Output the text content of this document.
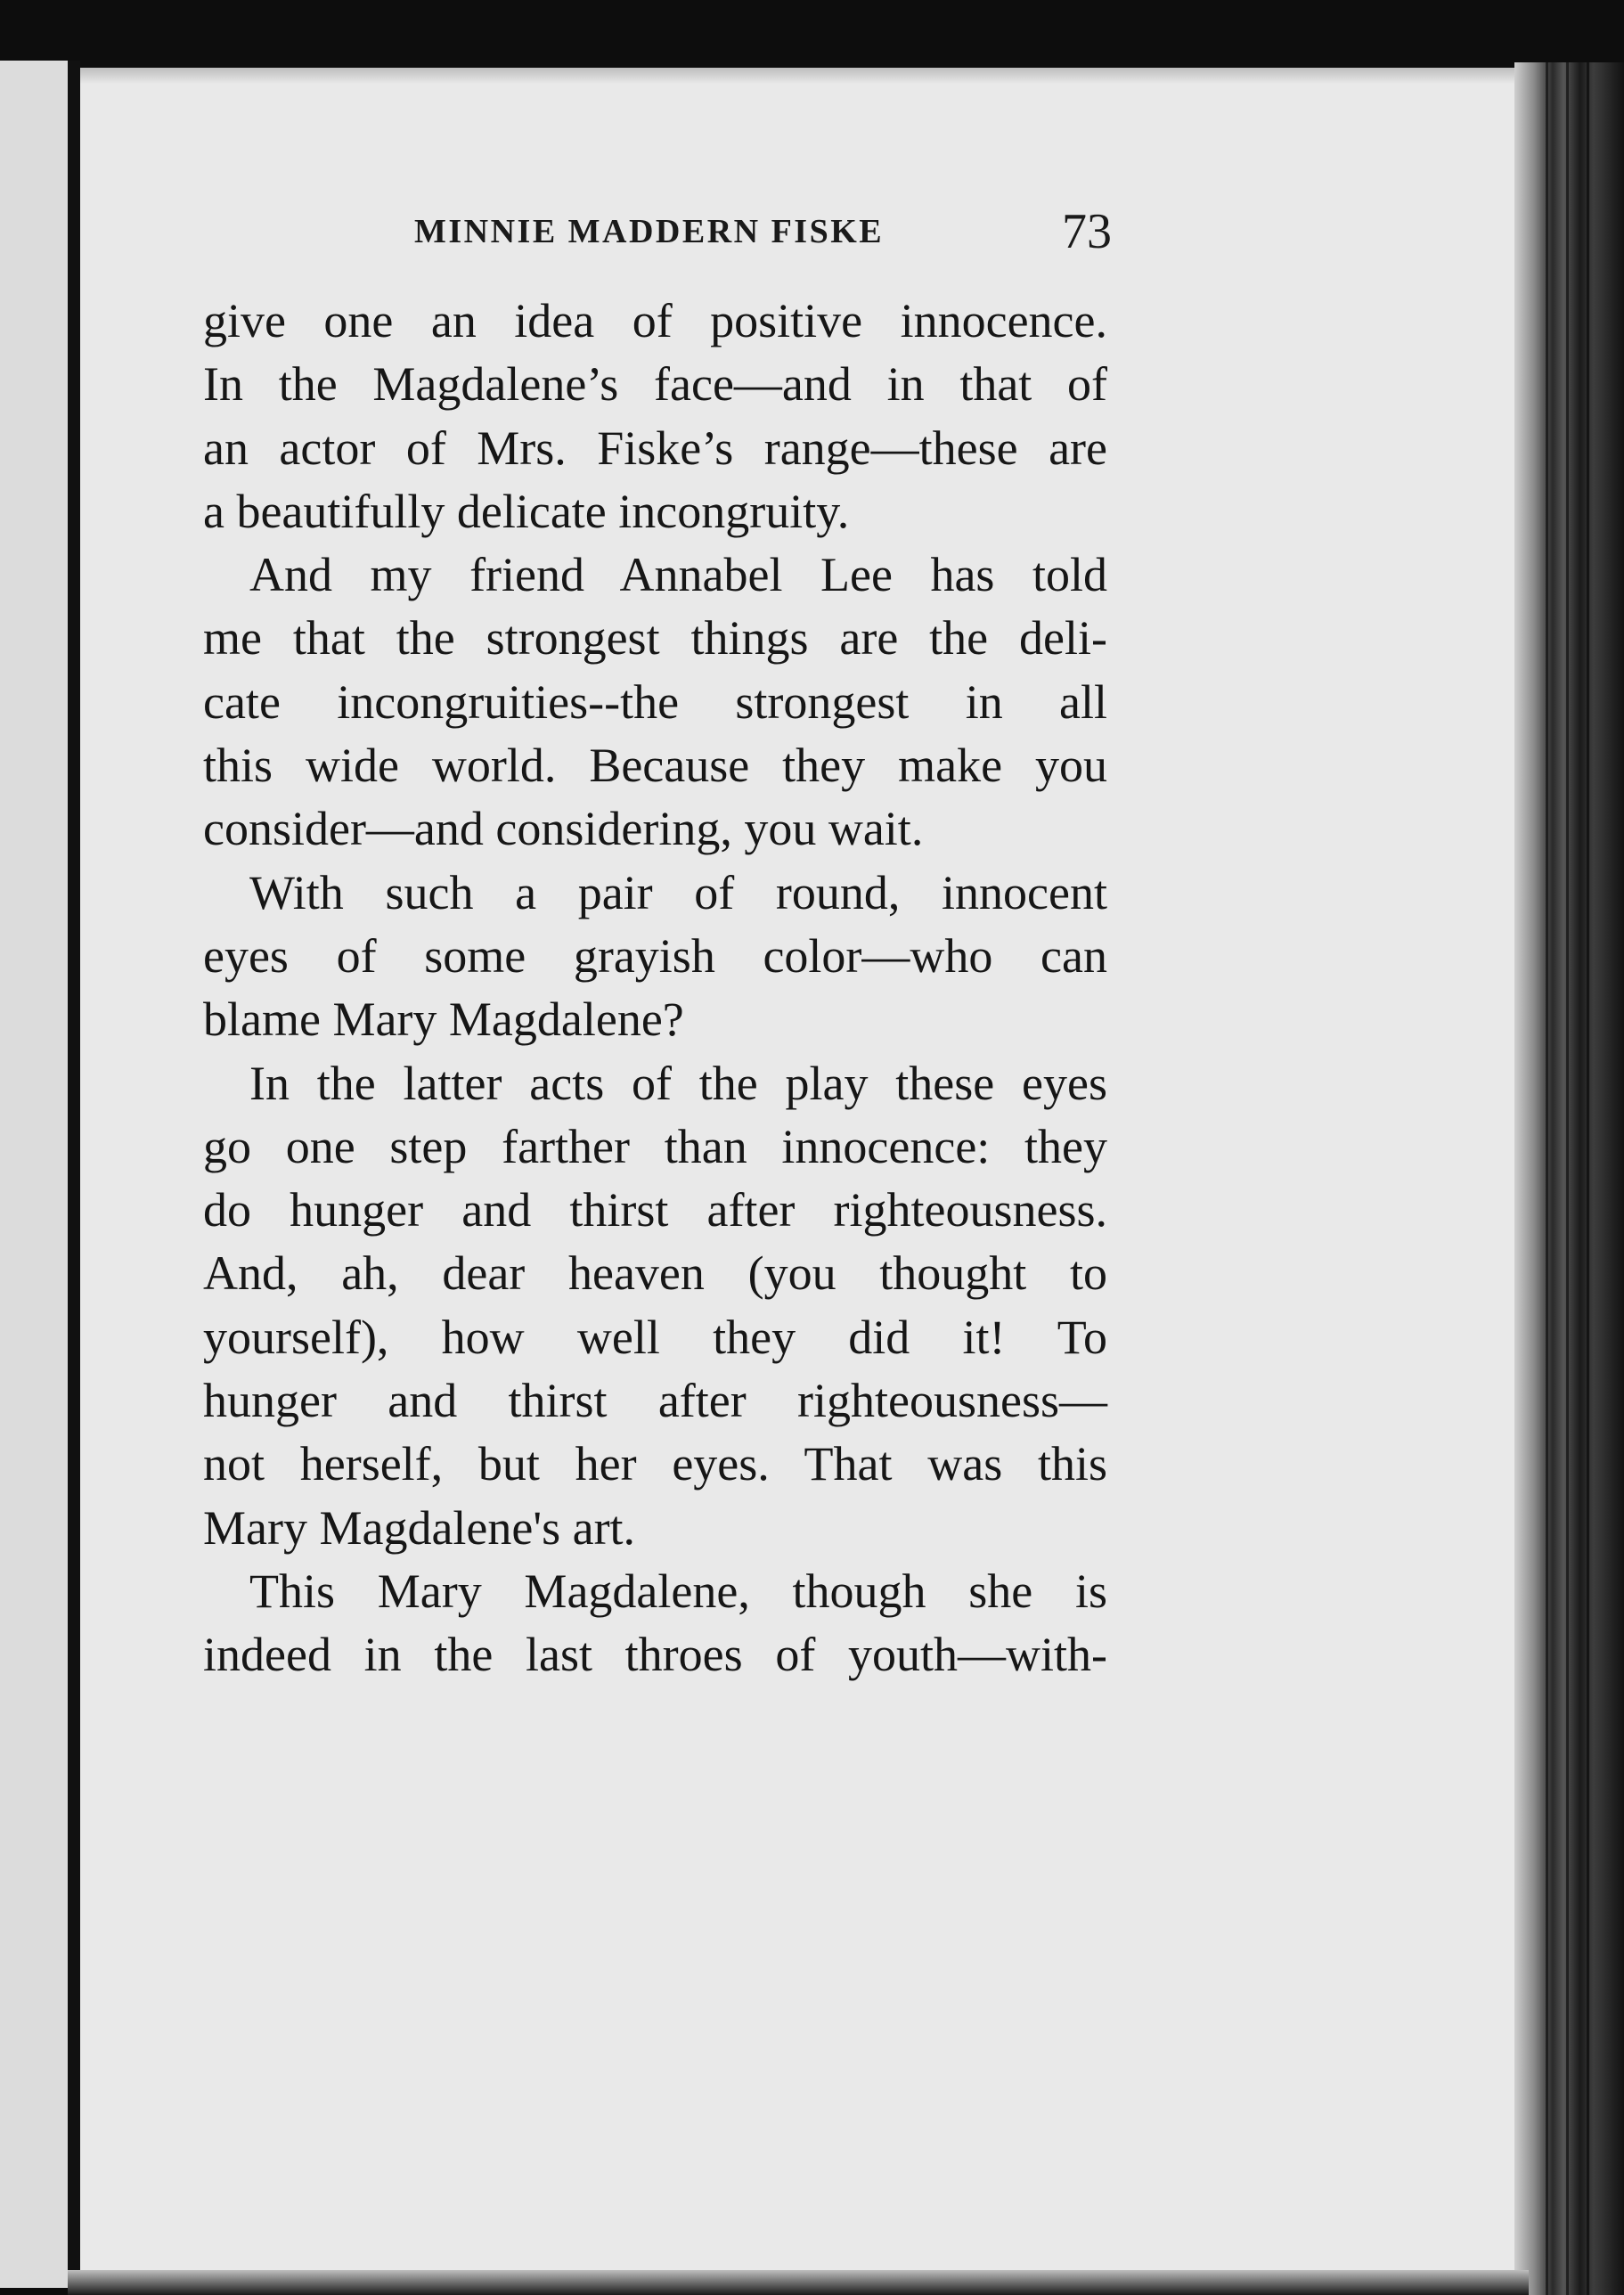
MINNIE MADDERN FISKE	73
give one an idea of positive innocence.
In the Magdalene’s face—and in that of
an actor of Mrs. Fiske’s range—these are
a beautifully delicate incongruity.
And my friend Annabel Lee has told
me that the strongest things are the deli-
cate incongruities--the strongest in all
this wide world. Because they make you
consider—and considering, you wait.
With such a pair of round, innocent
eyes of some grayish color—who can
blame Mary Magdalene?
In the latter acts of the play these eyes
go one step farther than innocence: they
do hunger and thirst after righteousness.
And, ah, dear heaven (you thought to
yourself), how well they did it! To
hunger and thirst after righteousness—
not herself, but her eyes. That was this
Mary Magdalene's art.
This Mary Magdalene, though she is
indeed in the last throes of youth—with-
